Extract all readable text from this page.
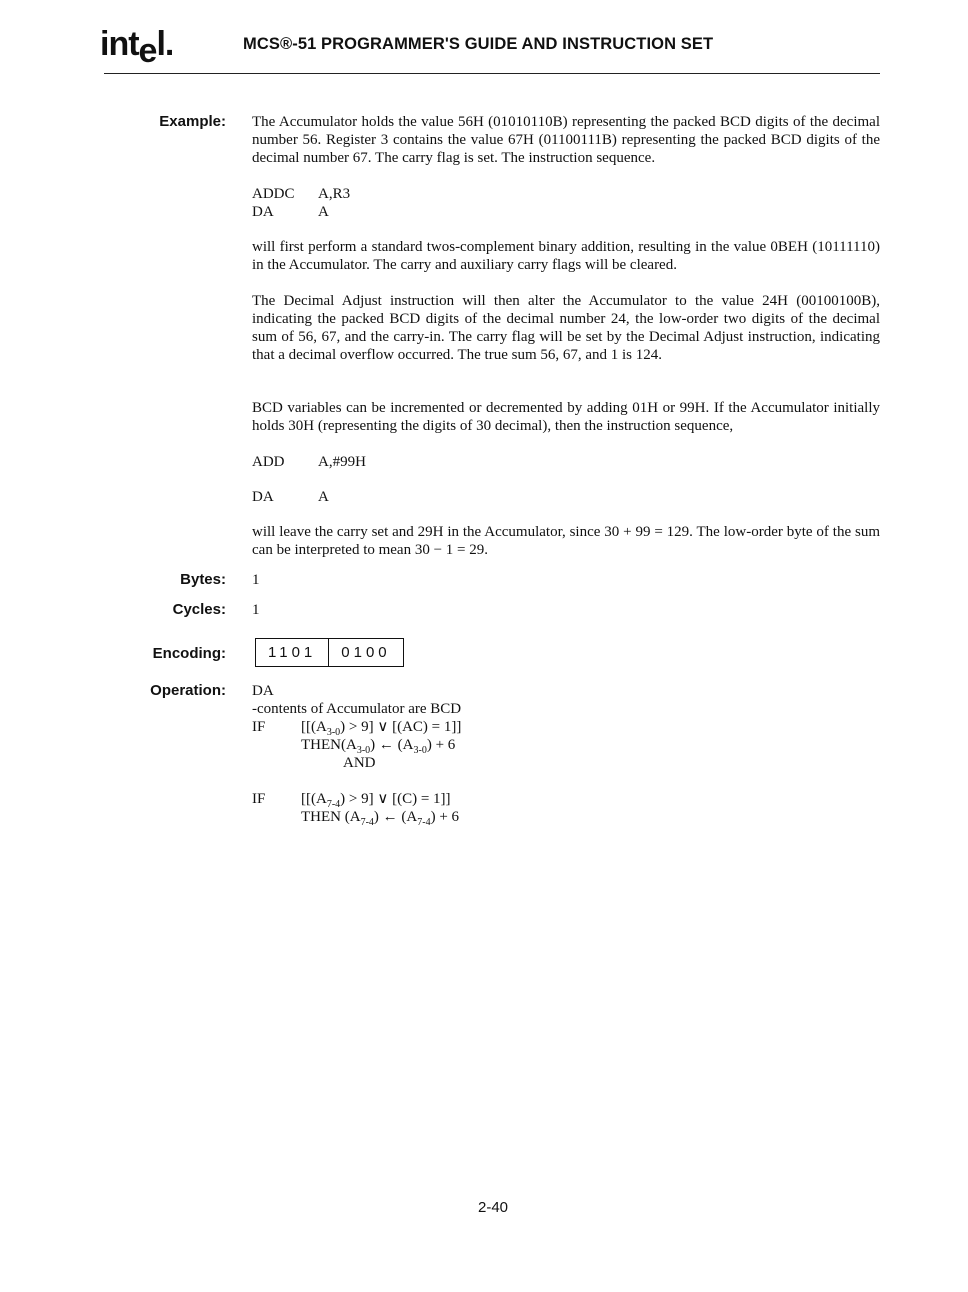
intel.	MCS®-51 PROGRAMMER'S GUIDE AND INSTRUCTION SET
Example: The Accumulator holds the value 56H (01010110B) representing the packed BCD digits of the decimal number 56. Register 3 contains the value 67H (01100111B) representing the packed BCD digits of the decimal number 67. The carry flag is set. The instruction sequence.
ADDC A,R3
DA	A
will first perform a standard twos-complement binary addition, resulting in the value 0BEH (10111110) in the Accumulator. The carry and auxiliary carry flags will be cleared.
The Decimal Adjust instruction will then alter the Accumulator to the value 24H (00100100B), indicating the packed BCD digits of the decimal number 24, the low-order two digits of the decimal sum of 56, 67, and the carry-in. The carry flag will be set by the Decimal Adjust instruction, indicating that a decimal overflow occurred. The true sum 56, 67, and 1 is 124.
BCD variables can be incremented or decremented by adding 01H or 99H. If the Accumulator initially holds 30H (representing the digits of 30 decimal), then the instruction sequence,
ADD A,#99H
DA	A
will leave the carry set and 29H in the Accumulator, since 30 + 99 = 129. The low-order byte of the sum can be interpreted to mean 30 − 1 = 29.
Bytes: 1
Cycles: 1
Encoding:	1101	0100
Operation: DA
-contents of Accumulator are BCD
IF [$[(A_{3-0}) > 9]$ ∨ [(AC) = 1]]
$THEN(A_{3-0})$ ← $(A_{3-0}) + 6$
AND
IF [$[(A_{7-4}) > 9]$ ∨ [(C) = 1]]
THEN $(A_{7-4})$ ← $(A_{7-4}) + 6$
2-40
